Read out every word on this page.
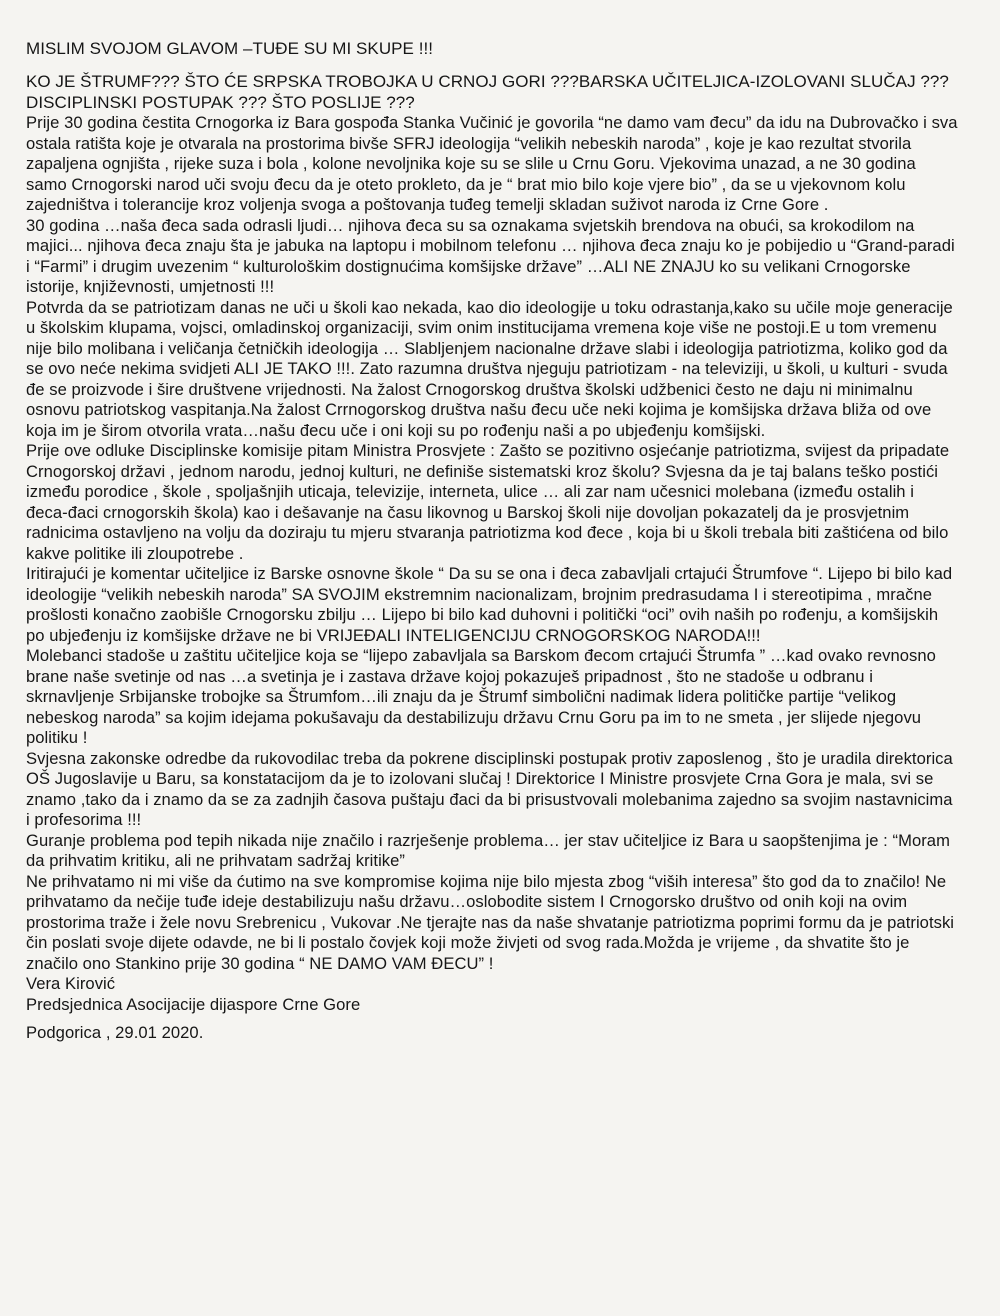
MISLIM SVOJOM GLAVOM –TUĐE SU MI SKUPE !!!

KO JE ŠTRUMF??? ŠTO ĆE SRPSKA TROBOJKA U CRNOJ GORI ???BARSKA UČITELJICA-IZOLOVANI SLUČAJ ??? DISCIPLINSKI POSTUPAK ??? ŠTO POSLIJE ???

Prije 30 godina čestita Crnogorka iz Bara gospođa Stanka Vučinić je govorila “ne damo vam đecu” da idu na Dubrovačko i sva ostala ratišta koje je otvarala na prostorima bivše SFRJ ideologija “velikih nebeskih naroda” , koje je kao rezultat stvorila zapaljena ognjišta , rijeke suza i bola , kolone nevoljnika koje su se slile u Crnu Goru. Vjekovima unazad, a ne 30 godina samo Crnogorski narod uči svoju đecu da je oteto prokleto, da je “ brat mio bilo koje vjere bio” , da se u vjekovnom kolu zajedništva i tolerancije kroz voljenja svoga a poštovanja tuđeg temelji skladan suživot naroda iz Crne Gore .

30 godina …naša đeca sada odrasli ljudi… njihova đeca su sa oznakama svjetskih brendova na obući, sa krokodilom na majici... njihova đeca znaju šta je jabuka na laptopu i mobilnom telefonu … njihova đeca znaju ko je pobijedio u “Grand-paradi i “Farmi” i drugim uvezenim “ kulturološkim dostignućima komšijske države” …ALI NE ZNAJU ko su velikani Crnogorske istorije, književnosti, umjetnosti !!!

Potvrda da se patriotizam danas ne uči u školi kao nekada, kao dio ideologije u toku odrastanja,kako su učile moje generacije u školskim klupama, vojsci, omladinskoj organizaciji, svim onim institucijama vremena koje više ne postoji.E u tom vremenu nije bilo molibana i veličanja četničkih ideologija … Slabljenjem nacionalne države slabi i ideologija patriotizma, koliko god da se ovo neće nekima svidjeti ALI JE TAKO !!!. Zato razumna društva njeguju patriotizam - na televiziji, u školi, u kulturi - svuda đe se proizvode i šire društvene vrijednosti. Na žalost Crnogorskog društva školski udžbenici često ne daju ni minimalnu osnovu patriotskog vaspitanja.Na žalost Crrnogorskog društva našu đecu uče neki kojima je komšijska država bliža od ove koja im je širom otvorila vrata…našu đecu uče i oni koji su po rođenju naši a po ubjeđenju komšijski.

Prije ove odluke Disciplinske komisije pitam Ministra Prosvjete : Zašto se pozitivno osjećanje patriotizma, svijest da pripadate Crnogorskoj državi , jednom narodu, jednoj kulturi, ne definiše sistematski kroz školu? Svjesna da je taj balans teško postići između porodice , škole , spoljašnjih uticaja, televizije, interneta, ulice … ali zar nam učesnici molebana (između ostalih i đeca-đaci crnogorskih škola) kao i dešavanje na času likovnog u Barskoj školi nije dovoljan pokazatelj da je prosvjetnim radnicima ostavljeno na volju da doziraju tu mjeru stvaranja patriotizma kod đece , koja bi u školi trebala biti zaštićena od bilo kakve politike ili zloupotrebe .

Iritirajući je komentar učiteljice iz Barske osnovne škole “ Da su se ona i đeca zabavljali crtajući Štrumfove “. Lijepo bi bilo kad ideologije “velikih nebeskih naroda” SA SVOJIM ekstremnim nacionalizam, brojnim predrasudama I i stereotipima , mračne prošlosti konačno zaobišle Crnogorsku zbilju … Lijepo bi bilo kad duhovni i politički “oci” ovih naših po rođenju, a komšijskih po ubjeđenju iz komšijske države ne bi VRIJEĐALI INTELIGENCIJU CRNOGORSKOG NARODA!!!

Molebanci stadoše u zaštitu učiteljice koja se “lijepo zabavljala sa Barskom đecom crtajući Štrumfa ” …kad ovako revnosno brane naše svetinje od nas …a svetinja je i zastava države kojoj pokazuješ pripadnost , što ne stadoše u odbranu i skrnavljenje Srbijanske trobojke sa Štrumfom…ili znaju da je Štrumf simbolični nadimak lidera političke partije “velikog nebeskog naroda” sa kojim idejama pokušavaju da destabilizuju državu Crnu Goru pa im to ne smeta , jer slijede njegovu politiku !

Svjesna zakonske odredbe da rukovodilac treba da pokrene disciplinski postupak protiv zaposlenog , što je uradila direktorica OŠ Jugoslavije u Baru, sa konstatacijom da je to izolovani slučaj ! Direktorice I Ministre prosvjete Crna Gora je mala, svi se znamo ,tako da i znamo da se za zadnjih časova puštaju đaci da bi prisustvovali molebanima zajedno sa svojim nastavnicima i profesorima !!!

Guranje problema pod tepih nikada nije značilo i razrješenje problema… jer stav učiteljice iz Bara u saopštenjima je : “Moram da prihvatim kritiku, ali ne prihvatam sadržaj kritike”

Ne prihvatamo ni mi više da ćutimo na sve kompromise kojima nije bilo mjesta zbog “viših interesa” što god da to značilo! Ne prihvatamo da nečije tuđe ideje destabilizuju našu državu…oslobodite sistem I Crnogorsko društvo od onih koji na ovim prostorima traže i žele novu Srebrenicu , Vukovar .Ne tjerajte nas da naše shvatanje patriotizma poprimi formu da je patriotski čin poslati svoje dijete odavde, ne bi li postalo čovjek koji može živjeti od svog rada.Možda je vrijeme , da shvatite što je značilo ono Stankino prije 30 godina “ NE DAMO VAM ĐECU” !

Vera Kirović

Predsjednica Asocijacije dijaspore Crne Gore

Podgorica , 29.01 2020.
